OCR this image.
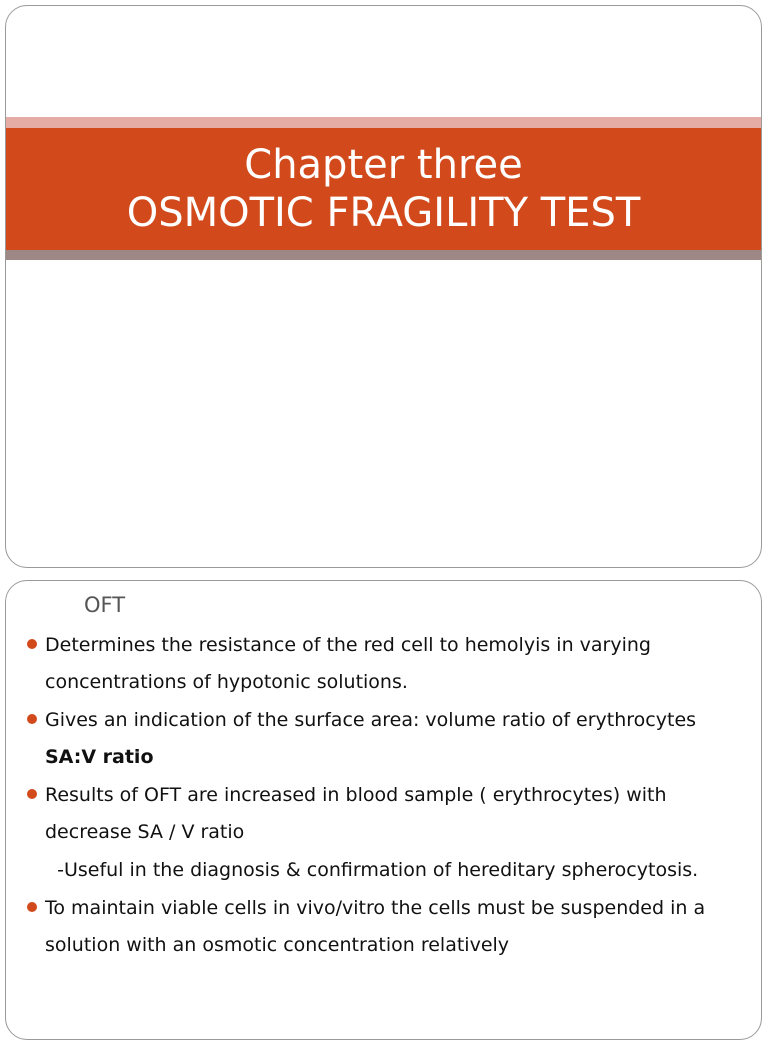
Chapter three
OSMOTIC FRAGILITY TEST
OFT
Determines the resistance of the red cell to hemolyis in varying concentrations of hypotonic solutions.
Gives an indication of the surface area: volume ratio of erythrocytes SA:V ratio
Results of OFT are increased in blood sample ( erythrocytes) with decrease SA / V ratio
-Useful in the diagnosis & confirmation of hereditary spherocytosis.
To maintain viable cells in vivo/vitro the cells must be suspended in a solution with an osmotic concentration relatively
